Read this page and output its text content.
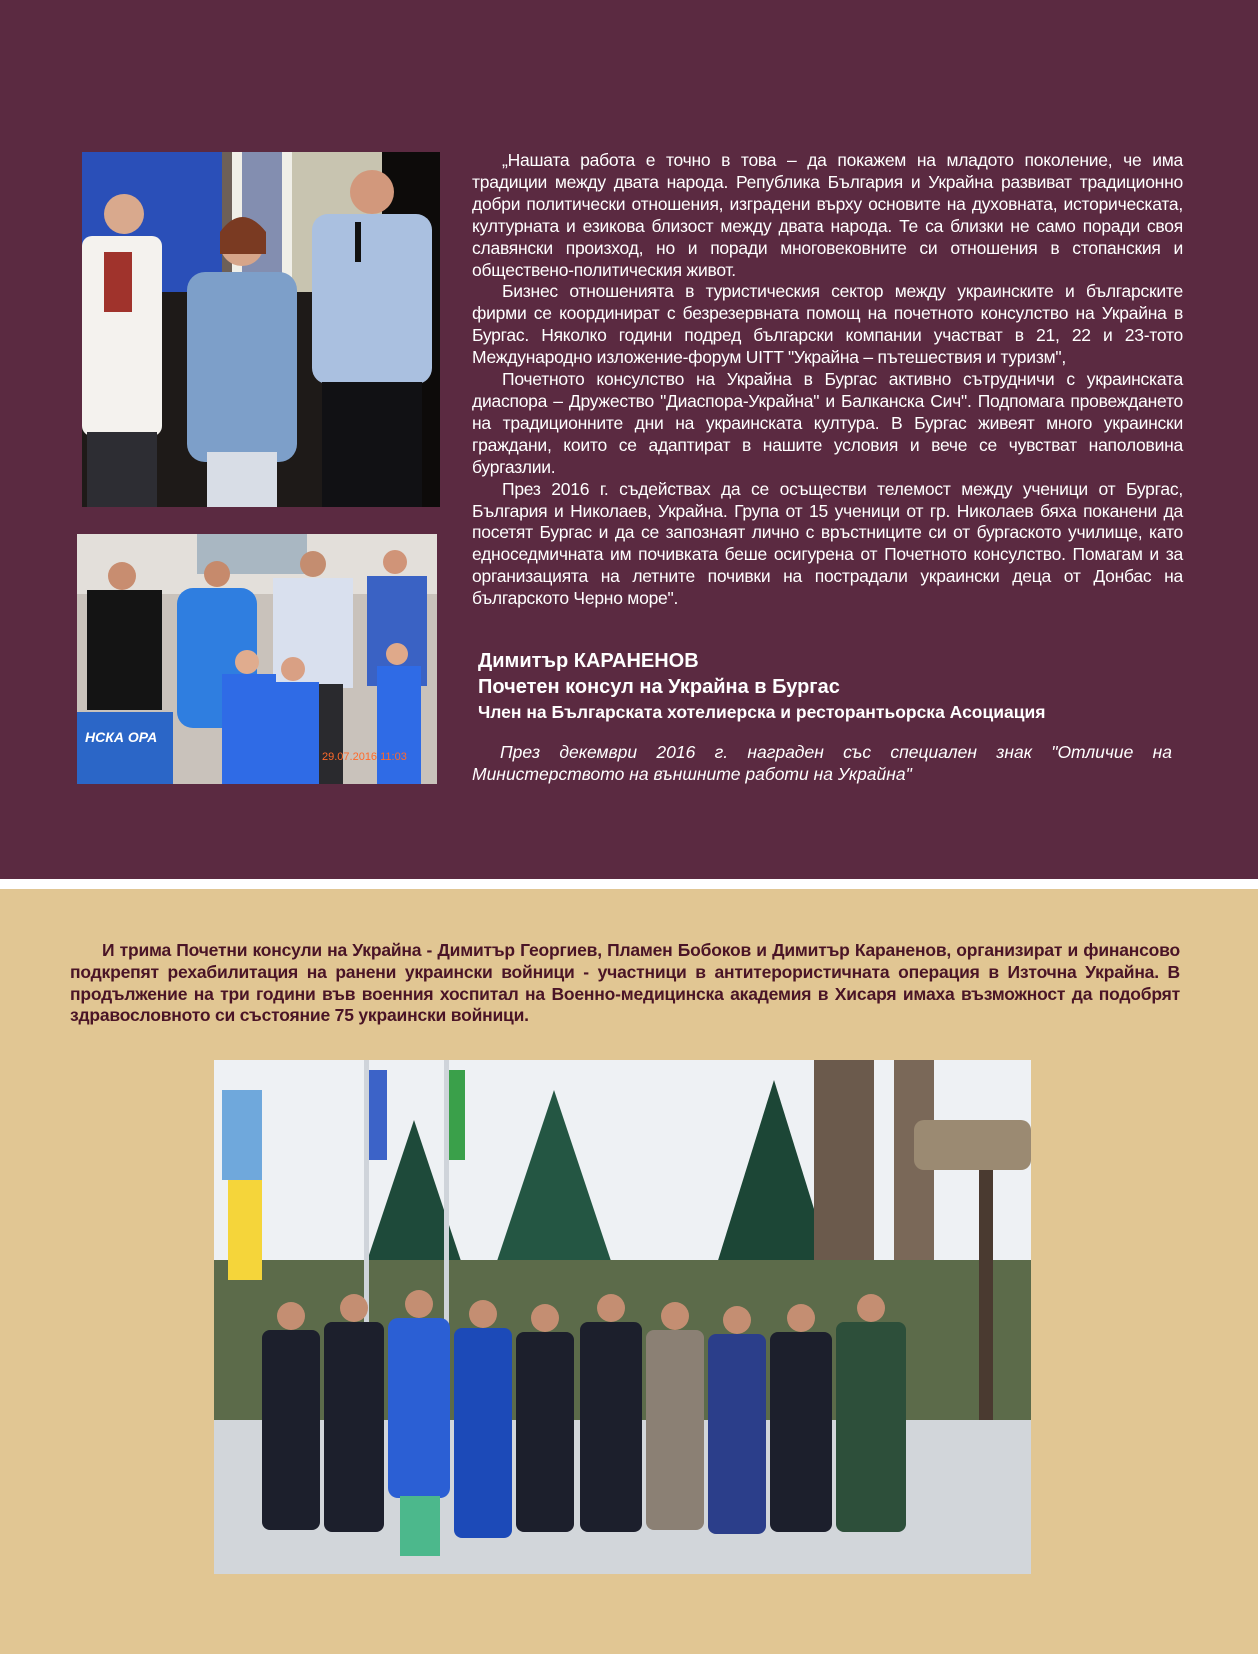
НСКА ОРА
29.07.2016 11:03

„Нашата работа е точно в това – да покажем на младото поколение, че има традиции между двата народа. Република България и Украйна развиват традиционно добри политически отношения, изградени върху основите на духовната, историческата, културната и езикова близост между двата народа. Те са близки не само поради своя славянски произход, но и поради многовековните си отношения в стопанския и обществено-политическия живот.

Бизнес отношенията в туристическия сектор между украинските и българските фирми се координират с безрезервната помощ на почетното консулство на Украйна в Бургас. Няколко години подред български компании участват в 21, 22 и 23-тото Международно изложение-форум UITT "Украйна – пътешествия и туризм",

Почетното консулство на Украйна в Бургас активно сътрудничи с украинската диаспора – Дружество "Диаспора-Украйна" и Балканска Сич". Подпомага провеждането на традиционните дни на украинската култура. В Бургас живеят много украински граждани, които се адаптират в нашите условия и вече се чувстват наполовина бургазлии.

През 2016 г. съдействах да се осъществи телемост между ученици от Бургас, България и Николаев, Украйна. Група от 15 ученици от гр. Николаев бяха поканени да посетят Бургас и да се запознаят лично с връстниците си от бургаското училище, като едноседмичната им почивката беше осигурена от Почетното консулство. Помагам и за организацията на летните почивки на пострадали украински деца от Донбас на българското Черно море".

Димитър КАРАНЕНОВ

Почетен консул на Украйна в Бургас

Член на Българската хотелиерска и ресторантьорска Асоциация

През декември 2016 г. награден със специален знак "Отличие на Министерството на външните работи на Украйна"
И трима Почетни консули на Украйна - Димитър Георгиев, Пламен Бобоков и Димитър Караненов, организират и финансово подкрепят рехабилитация на ранени украински войници - участници в антитерористичната операция в Източна Украйна. В продължение на три години във военния хоспитал на Военно-медицинска академия в Хисаря имаха възможност да подобрят здравословното си състояние 75 украински войници.
